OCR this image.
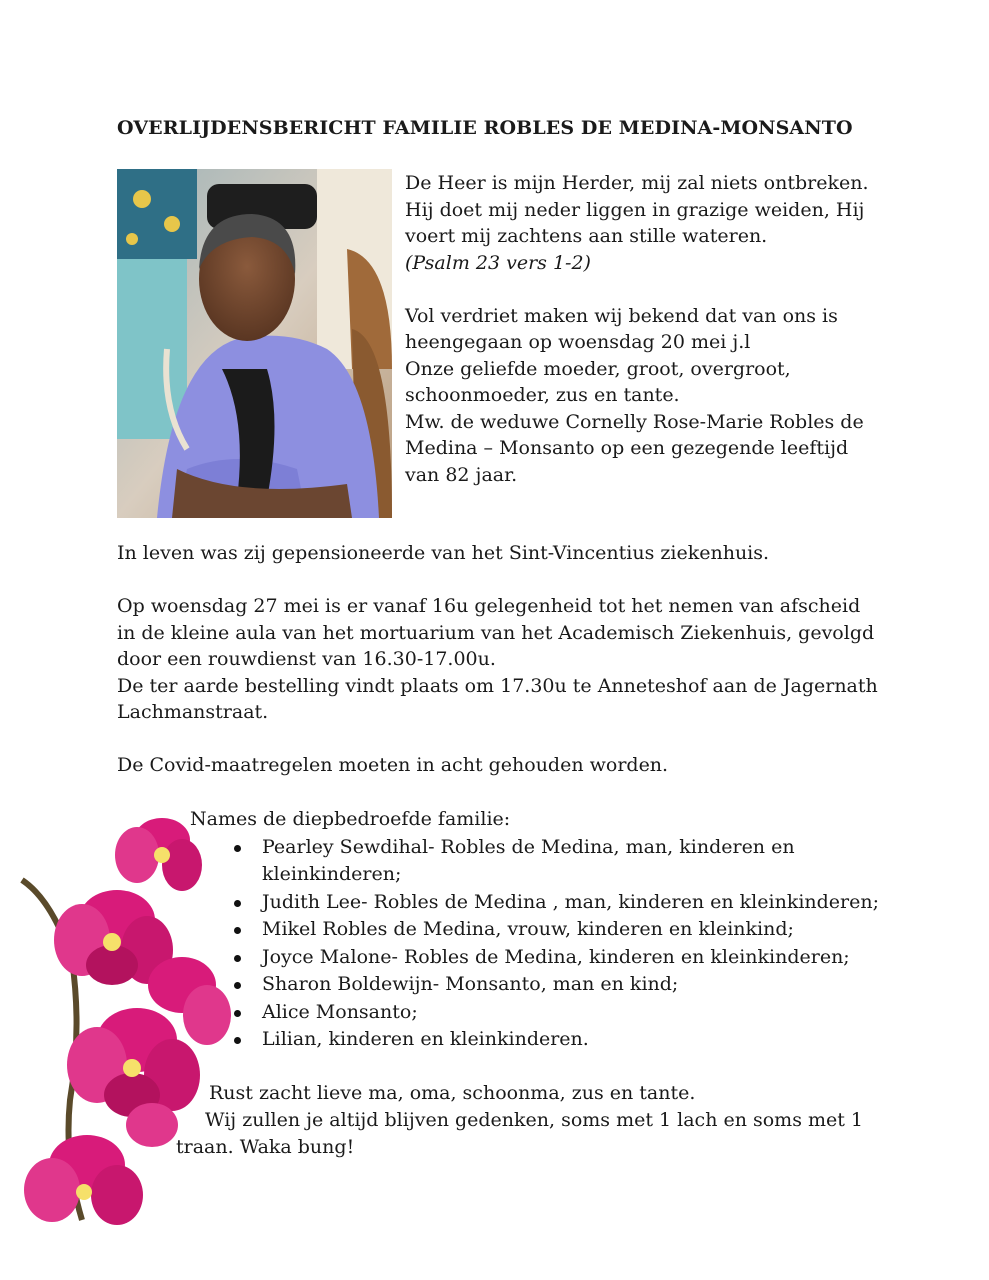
OVERLIJDENSBERICHT FAMILIE ROBLES DE MEDINA-MONSANTO

De Heer is mijn Herder, mij zal niets ontbreken.

Hij doet mij neder liggen in grazige weiden, Hij

voert mij zachtens aan stille wateren.

(Psalm 23 vers 1-2)

Vol verdriet maken wij bekend dat van ons is

heengegaan op woensdag 20 mei j.l

Onze geliefde moeder, groot, overgroot,

schoonmoeder, zus en tante.

Mw. de weduwe Cornelly Rose-Marie Robles de

Medina – Monsanto op een gezegende leeftijd

van 82 jaar.

In leven was zij gepensioneerde van het Sint-Vincentius ziekenhuis.

Op woensdag 27 mei is er vanaf 16u gelegenheid tot het nemen van afscheid

in de kleine aula van het mortuarium van het Academisch Ziekenhuis, gevolgd

door een rouwdienst van 16.30-17.00u.

De ter aarde bestelling vindt plaats om 17.30u te Anneteshof aan de Jagernath

Lachmanstraat.

De Covid-maatregelen moeten in acht gehouden worden.

Names de diepbedroefde familie:

Pearley Sewdihal- Robles de Medina, man, kinderen en
kleinkinderen;
Judith Lee- Robles de Medina , man, kinderen en kleinkinderen;
Mikel Robles de Medina, vrouw, kinderen en kleinkind;
Joyce Malone- Robles de Medina, kinderen en kleinkinderen;
Sharon Boldewijn- Monsanto, man en kind;
Alice Monsanto;
Lilian, kinderen en kleinkinderen.

Rust zacht lieve ma, oma, schoonma, zus en tante.

Wij zullen je altijd blijven gedenken, soms met 1 lach en soms met 1

traan. Waka bung!
